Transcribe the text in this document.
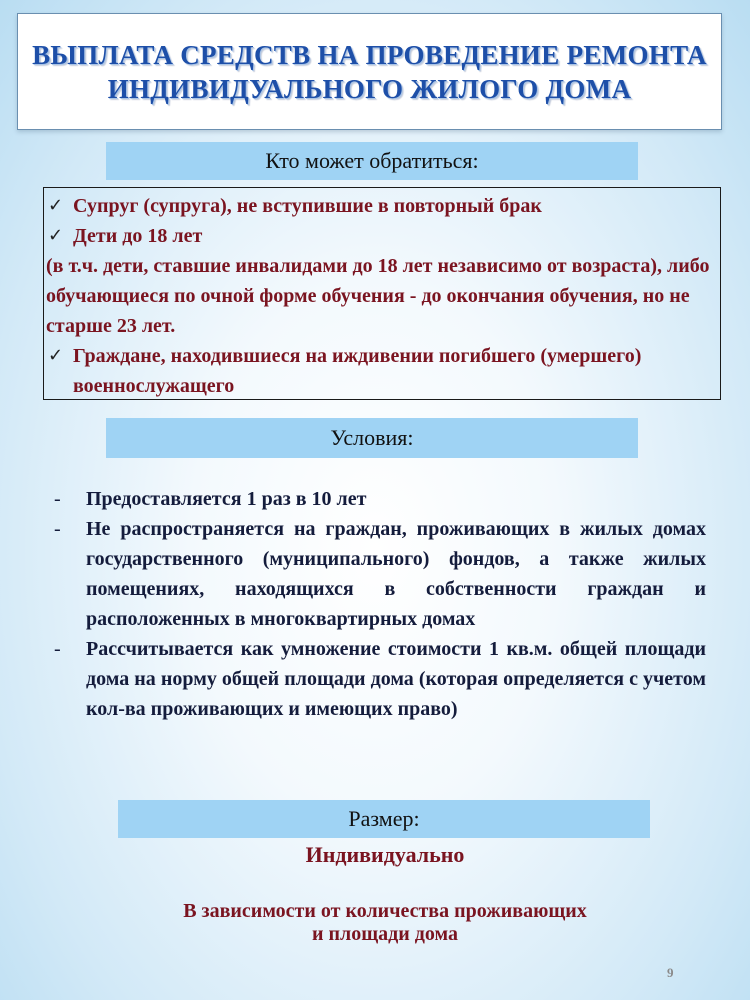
ВЫПЛАТА СРЕДСТВ НА ПРОВЕДЕНИЕ РЕМОНТА
ИНДИВИДУАЛЬНОГО ЖИЛОГО ДОМА
Кто может обратиться:
✓ Супруг (супруга), не вступившие в повторный брак
✓ Дети до 18 лет
(в т.ч. дети, ставшие инвалидами до 18 лет независимо от возраста), либо обучающиеся по очной форме обучения - до окончания обучения, но не старше 23 лет.
✓ Граждане, находившиеся на иждивении погибшего (умершего) военнослужащего
Условия:
-	Предоставляется 1 раз в 10 лет
-	Не распространяется на граждан, проживающих в жилых домах государственного (муниципального) фондов, а также жилых помещениях, находящихся в собственности граждан и расположенных в многоквартирных домах
-	Рассчитывается как умножение стоимости 1 кв.м. общей площади дома на норму общей площади дома (которая определяется с учетом кол-ва проживающих и имеющих право)
Размер:
Индивидуально
В зависимости от количества проживающих
и площади дома
9
